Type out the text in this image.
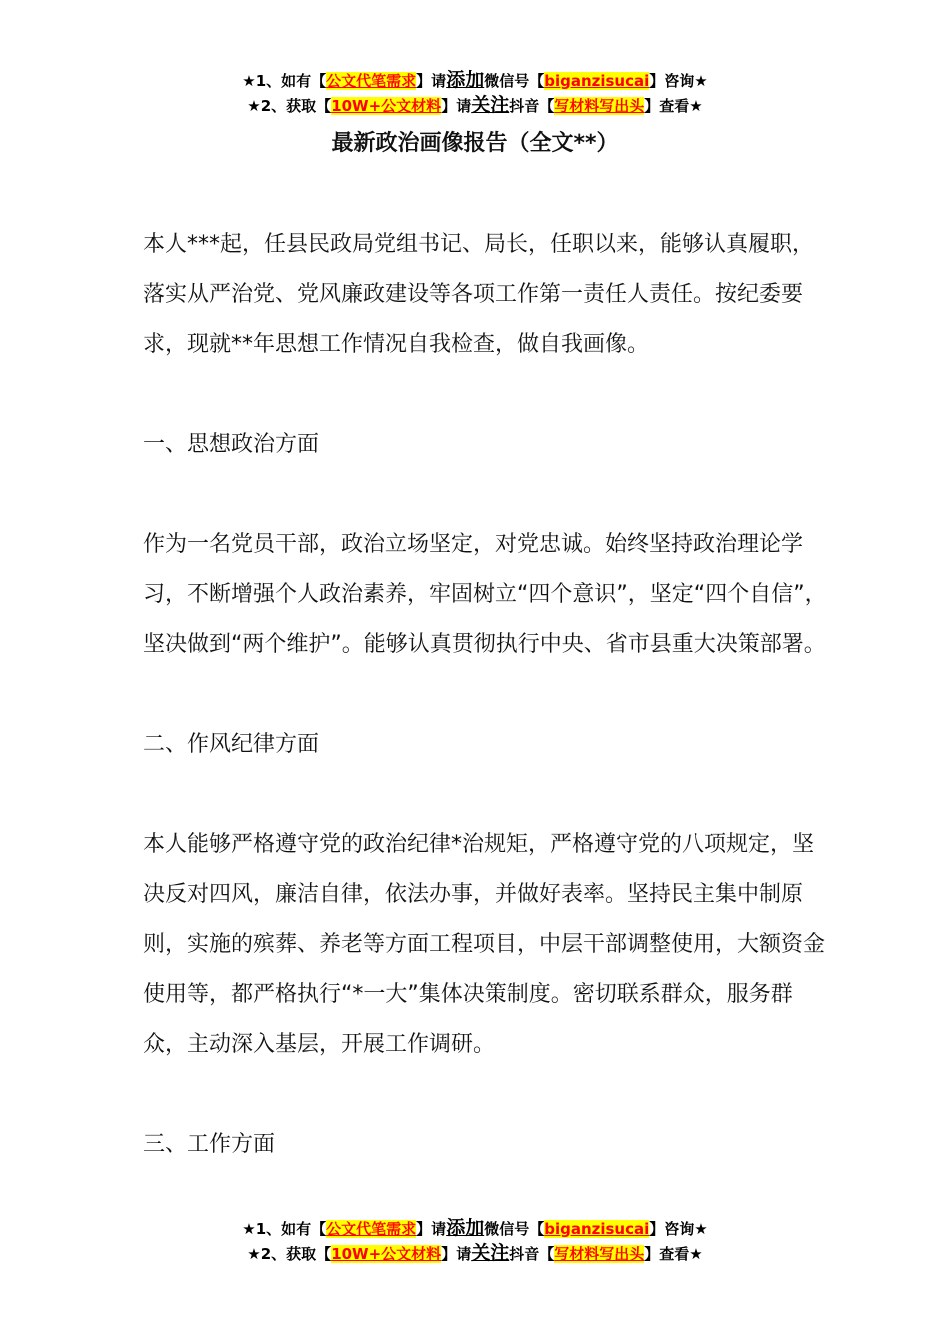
★1、如有【公文代笔需求】请添加微信号【biganzisucai】咨询★
★2、获取【10W+公文材料】请关注抖音【写材料写出头】查看★
最新政治画像报告（全文**）

本人***起，任县民政局党组书记、局长，任职以来，能够认真履职，落实从严治党、党风廉政建设等各项工作第一责任人责任。按纪委要求，现就**年思想工作情况自我检查，做自我画像。

一、思想政治方面

作为一名党员干部，政治立场坚定，对党忠诚。始终坚持政治理论学习，不断增强个人政治素养，牢固树立“四个意识”，坚定“四个自信”，坚决做到“两个维护”。能够认真贯彻执行中央、省市县重大决策部署。

二、作风纪律方面

本人能够严格遵守党的政治纪律*治规矩，严格遵守党的八项规定，坚决反对四风，廉洁自律，依法办事，并做好表率。坚持民主集中制原则，实施的殡葬、养老等方面工程项目，中层干部调整使用，大额资金使用等，都严格执行“*一大”集体决策制度。密切联系群众，服务群众，主动深入基层，开展工作调研。

三、工作方面

★1、如有【公文代笔需求】请添加微信号【biganzisucai】咨询★
★2、获取【10W+公文材料】请关注抖音【写材料写出头】查看★
